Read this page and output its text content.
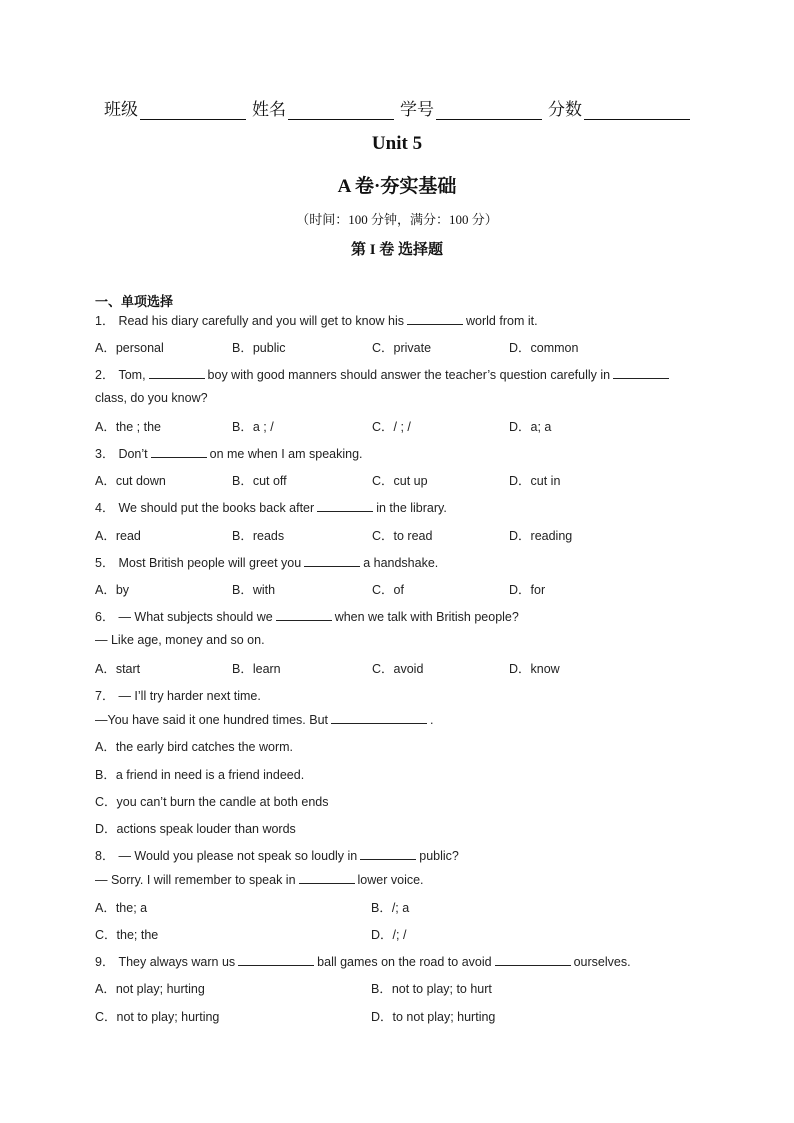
班级	姓名	学号	分数
Unit 5
A 卷·夯实基础
（时间：100 分钟，满分：100 分）
第 I 卷 选择题
一、单项选择
1． Read his diary carefully and you will get to know his	world from it.
A．personal	B．public	C．private	D．common
2． Tom,	boy with good manners should answer the teacher’s question carefully in
class, do you know?
A．the ; the	B．a ; /	C．/ ; /	D．a; a
3． Don’t	on me when I am speaking.
A．cut down	B．cut off	C．cut up	D．cut in
4． We should put the books back after	in the library.
A．read	B．reads	C．to read	D．reading
5． Most British people will greet you	a handshake.
A．by	B．with	C．of	D．for
6． — What subjects should we	when we talk with British people?
— Like age, money and so on.
A．start	B．learn	C．avoid	D．know
7． — I’ll try harder next time.
—You have said it one hundred times. But	.
A．the early bird catches the worm.
B．a friend in need is a friend indeed.
C．you can’t burn the candle at both ends
D．actions speak louder than words
8． — Would you please not speak so loudly in	public?
— Sorry. I will remember to speak in	lower voice.
A．the; a	B．/; a
C．the; the	D．/; /
9． They always warn us	ball games on the road to avoid	ourselves.
A．not play; hurting	B．not to play; to hurt
C．not to play; hurting	D．to not play; hurting
